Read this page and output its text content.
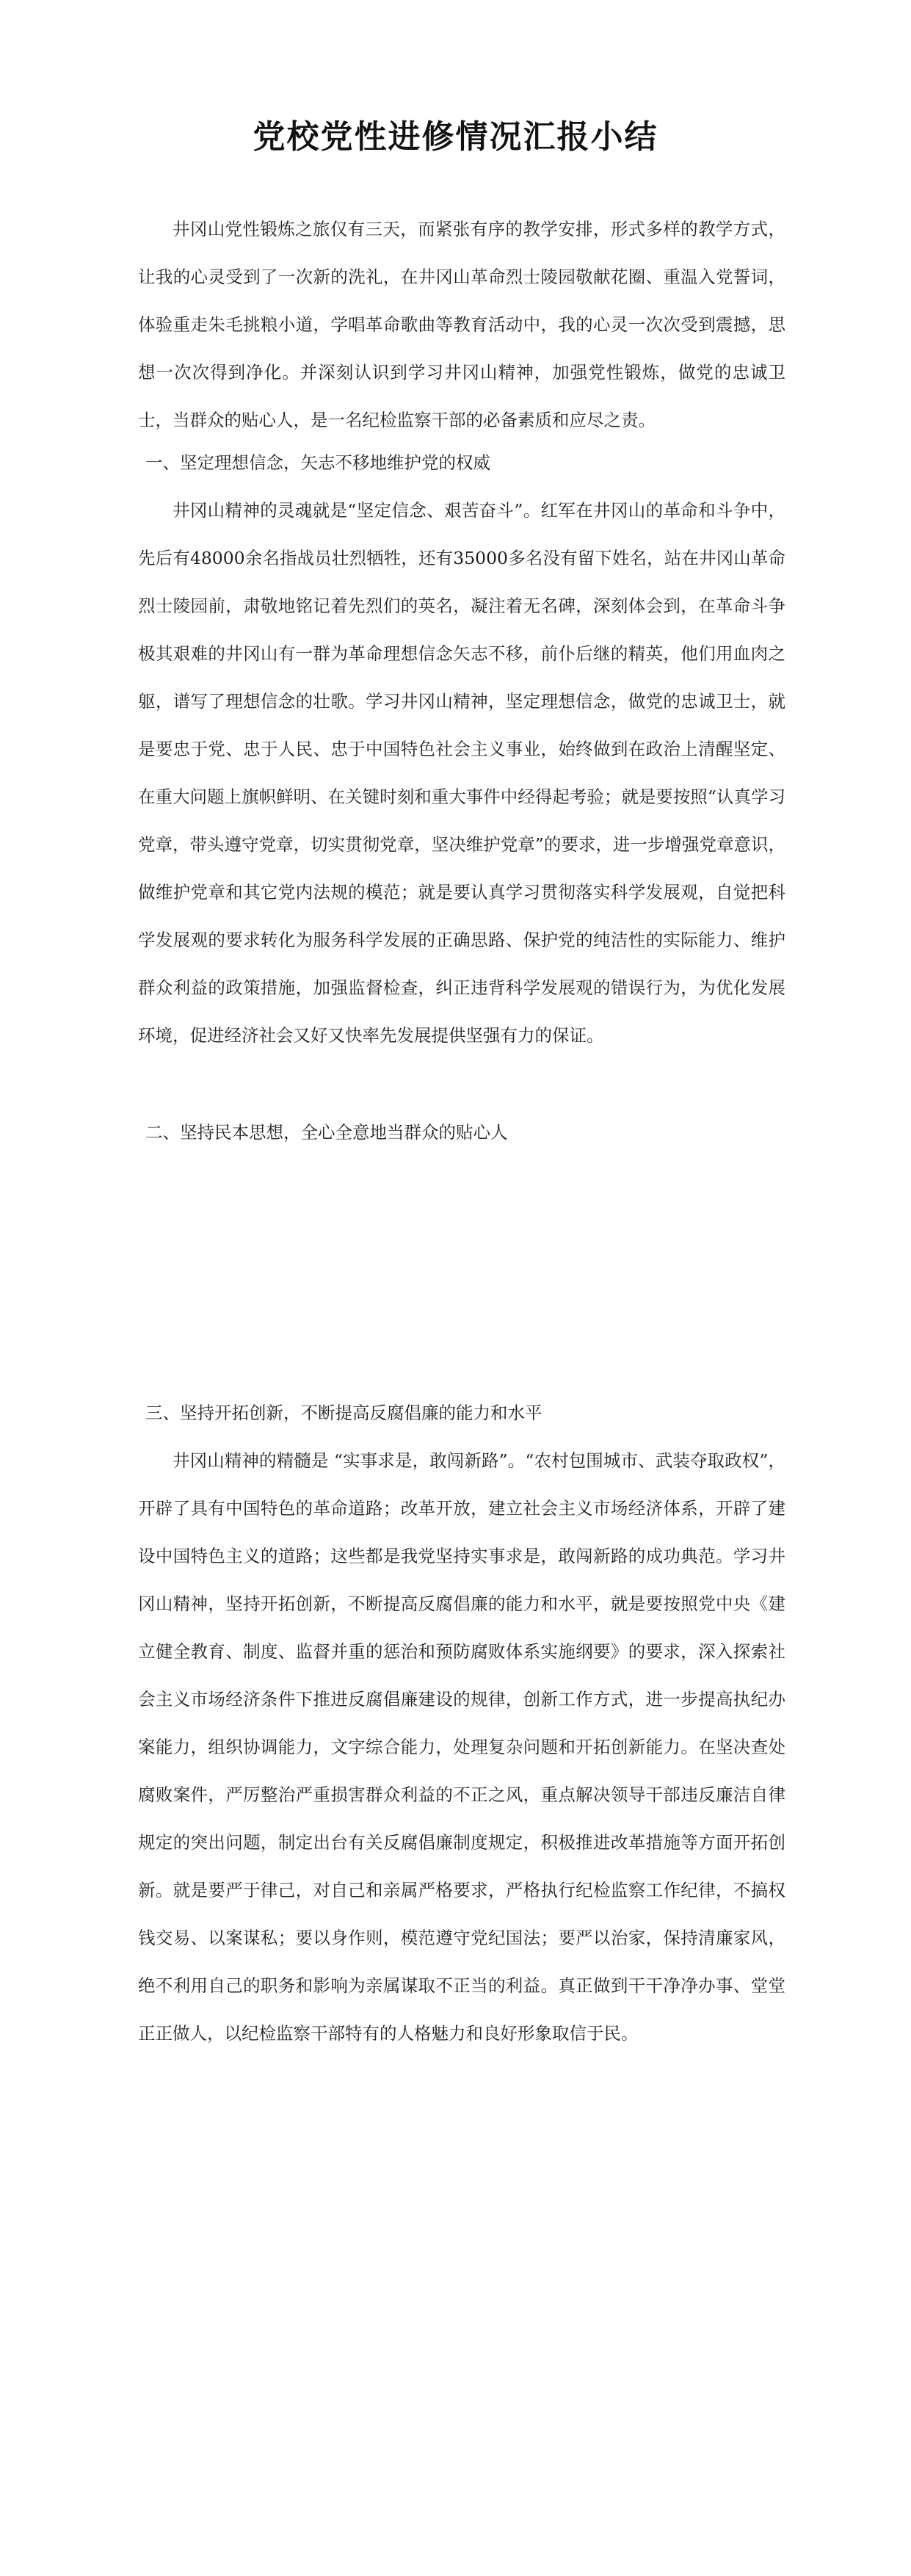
党校党性进修情况汇报小结

井冈山党性锻炼之旅仅有三天，而紧张有序的教学安排，形式多样的教学方式，让我的心灵受到了一次新的洗礼，在井冈山革命烈士陵园敬献花圈、重温入党誓词，体验重走朱毛挑粮小道，学唱革命歌曲等教育活动中，我的心灵一次次受到震撼，思想一次次得到净化。并深刻认识到学习井冈山精神，加强党性锻炼，做党的忠诚卫士，当群众的贴心人，是一名纪检监察干部的必备素质和应尽之责。

一、坚定理想信念，矢志不移地维护党的权威

井冈山精神的灵魂就是“坚定信念、艰苦奋斗”。红军在井冈山的革命和斗争中，先后有48000余名指战员壮烈牺牲，还有35000多名没有留下姓名，站在井冈山革命烈士陵园前，肃敬地铭记着先烈们的英名，凝注着无名碑，深刻体会到，在革命斗争极其艰难的井冈山有一群为革命理想信念矢志不移，前仆后继的精英，他们用血肉之躯，谱写了理想信念的壮歌。学习井冈山精神，坚定理想信念，做党的忠诚卫士，就是要忠于党、忠于人民、忠于中国特色社会主义事业，始终做到在政治上清醒坚定、在重大问题上旗帜鲜明、在关键时刻和重大事件中经得起考验；就是要按照“认真学习党章，带头遵守党章，切实贯彻党章，坚决维护党章”的要求，进一步增强党章意识，做维护党章和其它党内法规的模范；就是要认真学习贯彻落实科学发展观，自觉把科学发展观的要求转化为服务科学发展的正确思路、保护党的纯洁性的实际能力、维护群众利益的政策措施，加强监督检查，纠正违背科学发展观的错误行为，为优化发展环境，促进经济社会又好又快率先发展提供坚强有力的保证。

二、坚持民本思想，全心全意地当群众的贴心人

三、坚持开拓创新，不断提高反腐倡廉的能力和水平

井冈山精神的精髓是 “实事求是，敢闯新路”。“农村包围城市、武装夺取政权”，开辟了具有中国特色的革命道路；改革开放，建立社会主义市场经济体系，开辟了建设中国特色主义的道路；这些都是我党坚持实事求是，敢闯新路的成功典范。学习井冈山精神，坚持开拓创新，不断提高反腐倡廉的能力和水平，就是要按照党中央《建立健全教育、制度、监督并重的惩治和预防腐败体系实施纲要》的要求，深入探索社会主义市场经济条件下推进反腐倡廉建设的规律，创新工作方式，进一步提高执纪办案能力，组织协调能力，文字综合能力，处理复杂问题和开拓创新能力。在坚决查处腐败案件，严厉整治严重损害群众利益的不正之风，重点解决领导干部违反廉洁自律规定的突出问题，制定出台有关反腐倡廉制度规定，积极推进改革措施等方面开拓创新。就是要严于律己，对自己和亲属严格要求，严格执行纪检监察工作纪律，不搞权钱交易、以案谋私；要以身作则，模范遵守党纪国法；要严以治家，保持清廉家风，绝不利用自己的职务和影响为亲属谋取不正当的利益。真正做到干干净净办事、堂堂正正做人，以纪检监察干部特有的人格魅力和良好形象取信于民。
